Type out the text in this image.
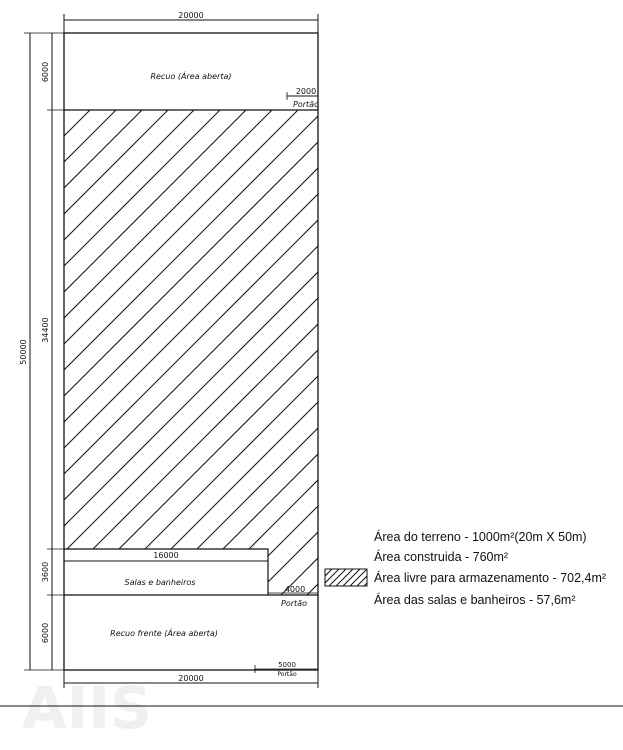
AIIS
20000
50000
6000
34400
3600
6000
2000
Portão
Recuo (Área aberta)
16000
Salas e banheiros
4000
Portão
Recuo frente (Área aberta)
5000
Portão
20000
Área do terreno - 1000m²(20m X 50m)
Área construida - 760m²
Área livre para armazenamento - 702,4m²
Área das salas e banheiros - 57,6m²
